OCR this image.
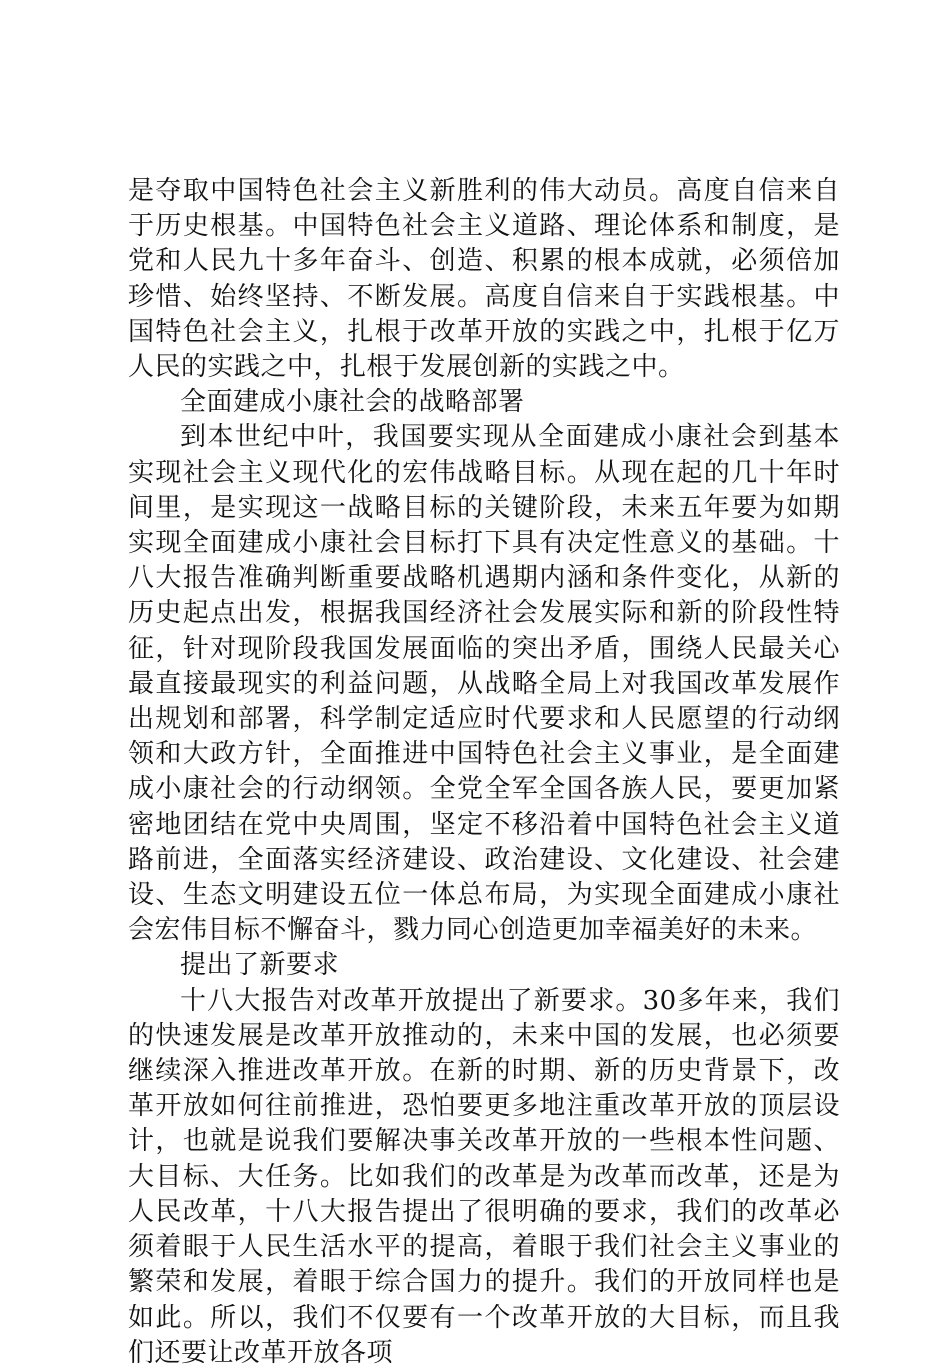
是夺取中国特色社会主义新胜利的伟大动员。高度自信来自于历史根基。中国特色社会主义道路、理论体系和制度，是党和人民九十多年奋斗、创造、积累的根本成就，必须倍加珍惜、始终坚持、不断发展。高度自信来自于实践根基。中国特色社会主义，扎根于改革开放的实践之中，扎根于亿万人民的实践之中，扎根于发展创新的实践之中。

全面建成小康社会的战略部署

到本世纪中叶，我国要实现从全面建成小康社会到基本实现社会主义现代化的宏伟战略目标。从现在起的几十年时间里，是实现这一战略目标的关键阶段，未来五年要为如期实现全面建成小康社会目标打下具有决定性意义的基础。十八大报告准确判断重要战略机遇期内涵和条件变化，从新的历史起点出发，根据我国经济社会发展实际和新的阶段性特征，针对现阶段我国发展面临的突出矛盾，围绕人民最关心最直接最现实的利益问题，从战略全局上对我国改革发展作出规划和部署，科学制定适应时代要求和人民愿望的行动纲领和大政方针，全面推进中国特色社会主义事业，是全面建成小康社会的行动纲领。全党全军全国各族人民，要更加紧密地团结在党中央周围，坚定不移沿着中国特色社会主义道路前进，全面落实经济建设、政治建设、文化建设、社会建设、生态文明建设五位一体总布局，为实现全面建成小康社会宏伟目标不懈奋斗，戮力同心创造更加幸福美好的未来。

提出了新要求

十八大报告对改革开放提出了新要求。30多年来，我们的快速发展是改革开放推动的，未来中国的发展，也必须要继续深入推进改革开放。在新的时期、新的历史背景下，改革开放如何往前推进，恐怕要更多地注重改革开放的顶层设计，也就是说我们要解决事关改革开放的一些根本性问题、大目标、大任务。比如我们的改革是为改革而改革，还是为人民改革，十八大报告提出了很明确的要求，我们的改革必须着眼于人民生活水平的提高，着眼于我们社会主义事业的繁荣和发展，着眼于综合国力的提升。我们的开放同样也是如此。所以，我们不仅要有一个改革开放的大目标，而且我们还要让改革开放各项
